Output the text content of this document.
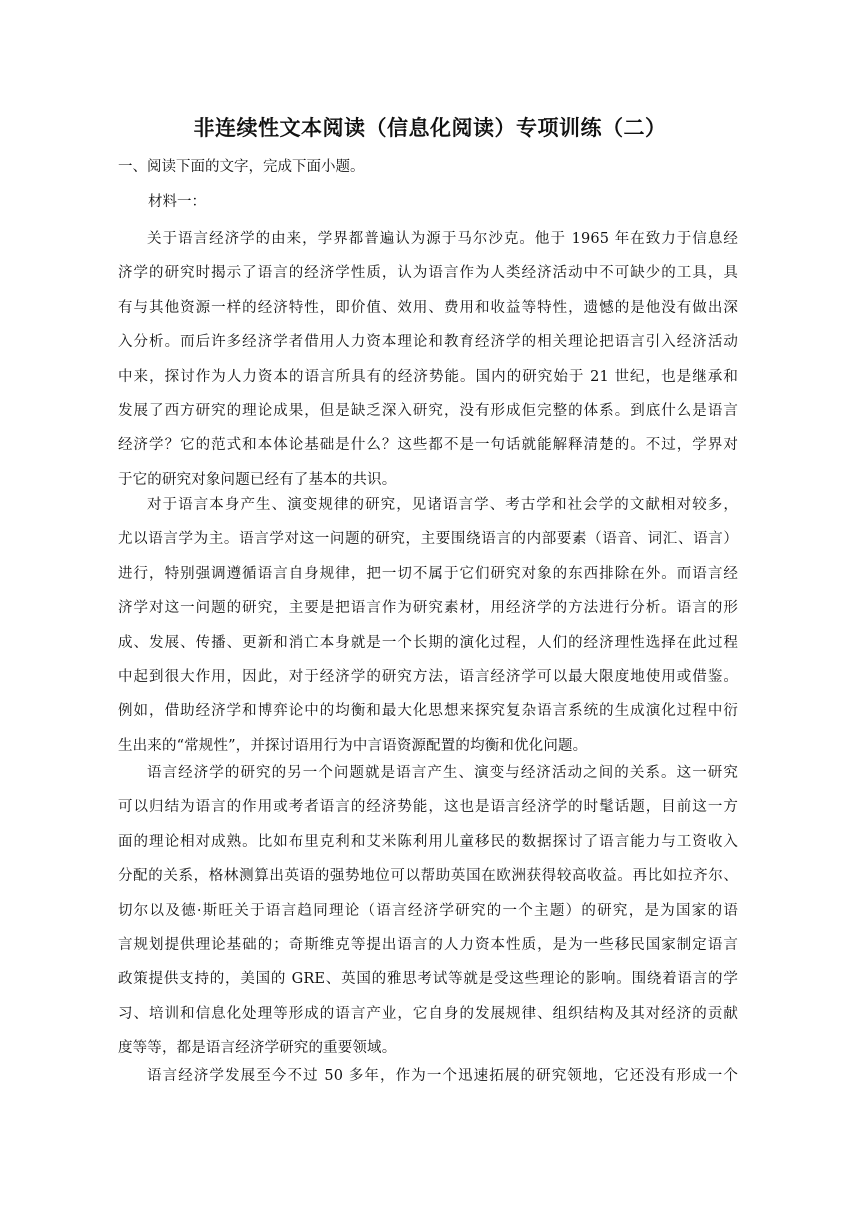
非连续性文本阅读（信息化阅读）专项训练（二）

一、阅读下面的文字，完成下面小题。

材料一：

关于语言经济学的由来，学界都普遍认为源于马尔沙克。他于 1965 年在致力于信息经
济学的研究时揭示了语言的经济学性质，认为语言作为人类经济活动中不可缺少的工具，具
有与其他资源一样的经济特性，即价值、效用、费用和收益等特性，遗憾的是他没有做出深
入分析。而后许多经济学者借用人力资本理论和教育经济学的相关理论把语言引入经济活动
中来，探讨作为人力资本的语言所具有的经济势能。国内的研究始于 21 世纪，也是继承和
发展了西方研究的理论成果，但是缺乏深入研究，没有形成佢完整的体系。到底什么是语言
经济学？它的范式和本体论基础是什么？这些都不是一句话就能解释清楚的。不过，学界对
于它的研究对象问题已经有了基本的共识。
对于语言本身产生、演变规律的研究，见诸语言学、考古学和社会学的文献相对较多，
尤以语言学为主。语言学对这一问题的研究，主要围绕语言的内部要素（语音、词汇、语言）
进行，特别强调遵循语言自身规律，把一切不属于它们研究对象的东西排除在外。而语言经
济学对这一问题的研究，主要是把语言作为研究素材，用经济学的方法进行分析。语言的形
成、发展、传播、更新和消亡本身就是一个长期的演化过程，人们的经济理性选择在此过程
中起到很大作用，因此，对于经济学的研究方法，语言经济学可以最大限度地使用或借鉴。
例如，借助经济学和博弈论中的均衡和最大化思想来探究复杂语言系统的生成演化过程中衍
生出来的“常规性”，并探讨语用行为中言语资源配置的均衡和优化问题。
语言经济学的研究的另一个问题就是语言产生、演变与经济活动之间的关系。这一研究
可以归结为语言的作用或考者语言的经济势能，这也是语言经济学的时髦话题，目前这一方
面的理论相对成熟。比如布里克利和艾米陈利用儿童移民的数据探讨了语言能力与工资收入
分配的关系，格林测算出英语的强势地位可以帮助英国在欧洲获得较高收益。再比如拉齐尔、
切尔以及德·斯旺关于语言趋同理论（语言经济学研究的一个主题）的研究，是为国家的语
言规划提供理论基础的；奇斯维克等提出语言的人力资本性质，是为一些移民国家制定语言
政策提供支持的，美国的 GRE、英国的雅思考试等就是受这些理论的影响。围绕着语言的学
习、培训和信息化处理等形成的语言产业，它自身的发展规律、组织结构及其对经济的贡献
度等等，都是语言经济学研究的重要领域。
语言经济学发展至今不过 50 多年，作为一个迅速拓展的研究领地，它还没有形成一个
